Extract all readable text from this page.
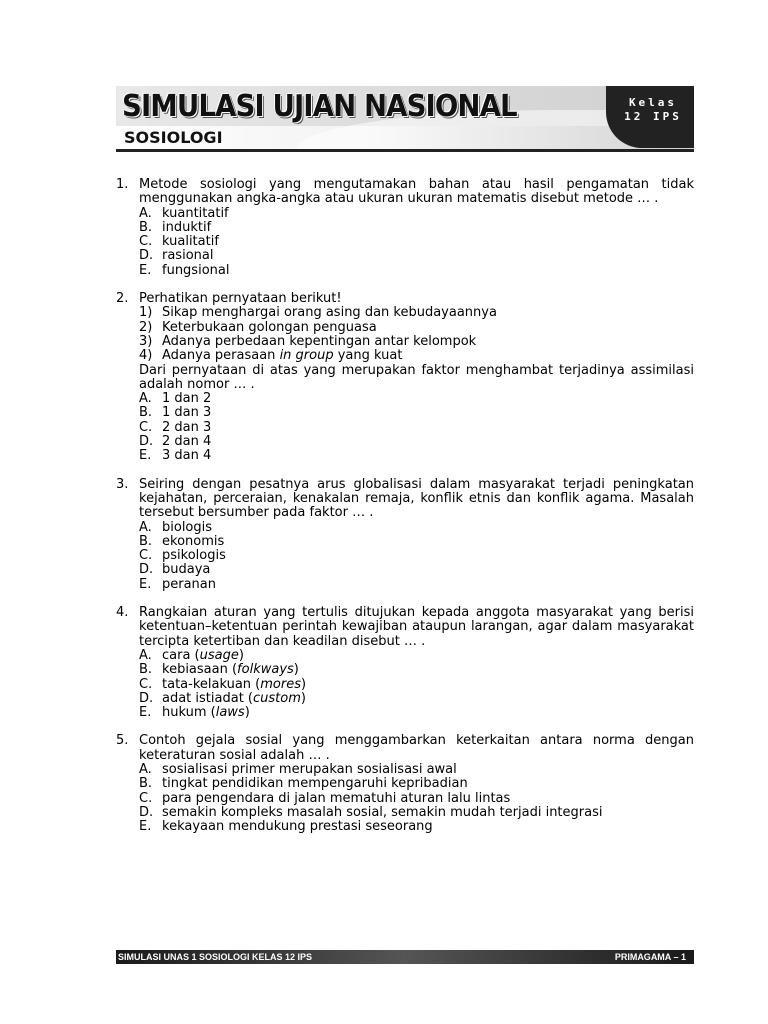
SIMULASI UJIAN NASIONAL
SOSIOLOGI
Kelas
12 IPS
1. Metode sosiologi yang mengutamakan bahan atau hasil pengamatan tidak menggunakan angka-angka atau ukuran ukuran matematis disebut metode … .
A. kuantitatif
B. induktif
C. kualitatif
D. rasional
E. fungsional
2. Perhatikan pernyataan berikut!
1) Sikap menghargai orang asing dan kebudayaannya
2) Keterbukaan golongan penguasa
3) Adanya perbedaan kepentingan antar kelompok
4) Adanya perasaan in group yang kuat
Dari pernyataan di atas yang merupakan faktor menghambat terjadinya assimilasi adalah nomor … .
A. 1 dan 2
B. 1 dan 3
C. 2 dan 3
D. 2 dan 4
E. 3 dan 4
3. Seiring dengan pesatnya arus globalisasi dalam masyarakat terjadi peningkatan kejahatan, perceraian, kenakalan remaja, konflik etnis dan konflik agama. Masalah tersebut bersumber pada faktor … .
A. biologis
B. ekonomis
C. psikologis
D. budaya
E. peranan
4. Rangkaian aturan yang tertulis ditujukan kepada anggota masyarakat yang berisi ketentuan–ketentuan perintah kewajiban ataupun larangan, agar dalam masyarakat tercipta ketertiban dan keadilan disebut … .
A. cara (usage)
B. kebiasaan (folkways)
C. tata-kelakuan (mores)
D. adat istiadat (custom)
E. hukum (laws)
5. Contoh gejala sosial yang menggambarkan keterkaitan antara norma dengan keteraturan sosial adalah … .
A. sosialisasi primer merupakan sosialisasi awal
B. tingkat pendidikan mempengaruhi kepribadian
C. para pengendara di jalan mematuhi aturan lalu lintas
D. semakin kompleks masalah sosial, semakin mudah terjadi integrasi
E. kekayaan mendukung prestasi seseorang
SIMULASI UNAS 1 SOSIOLOGI KELAS 12 IPS	PRIMAGAMA – 1
